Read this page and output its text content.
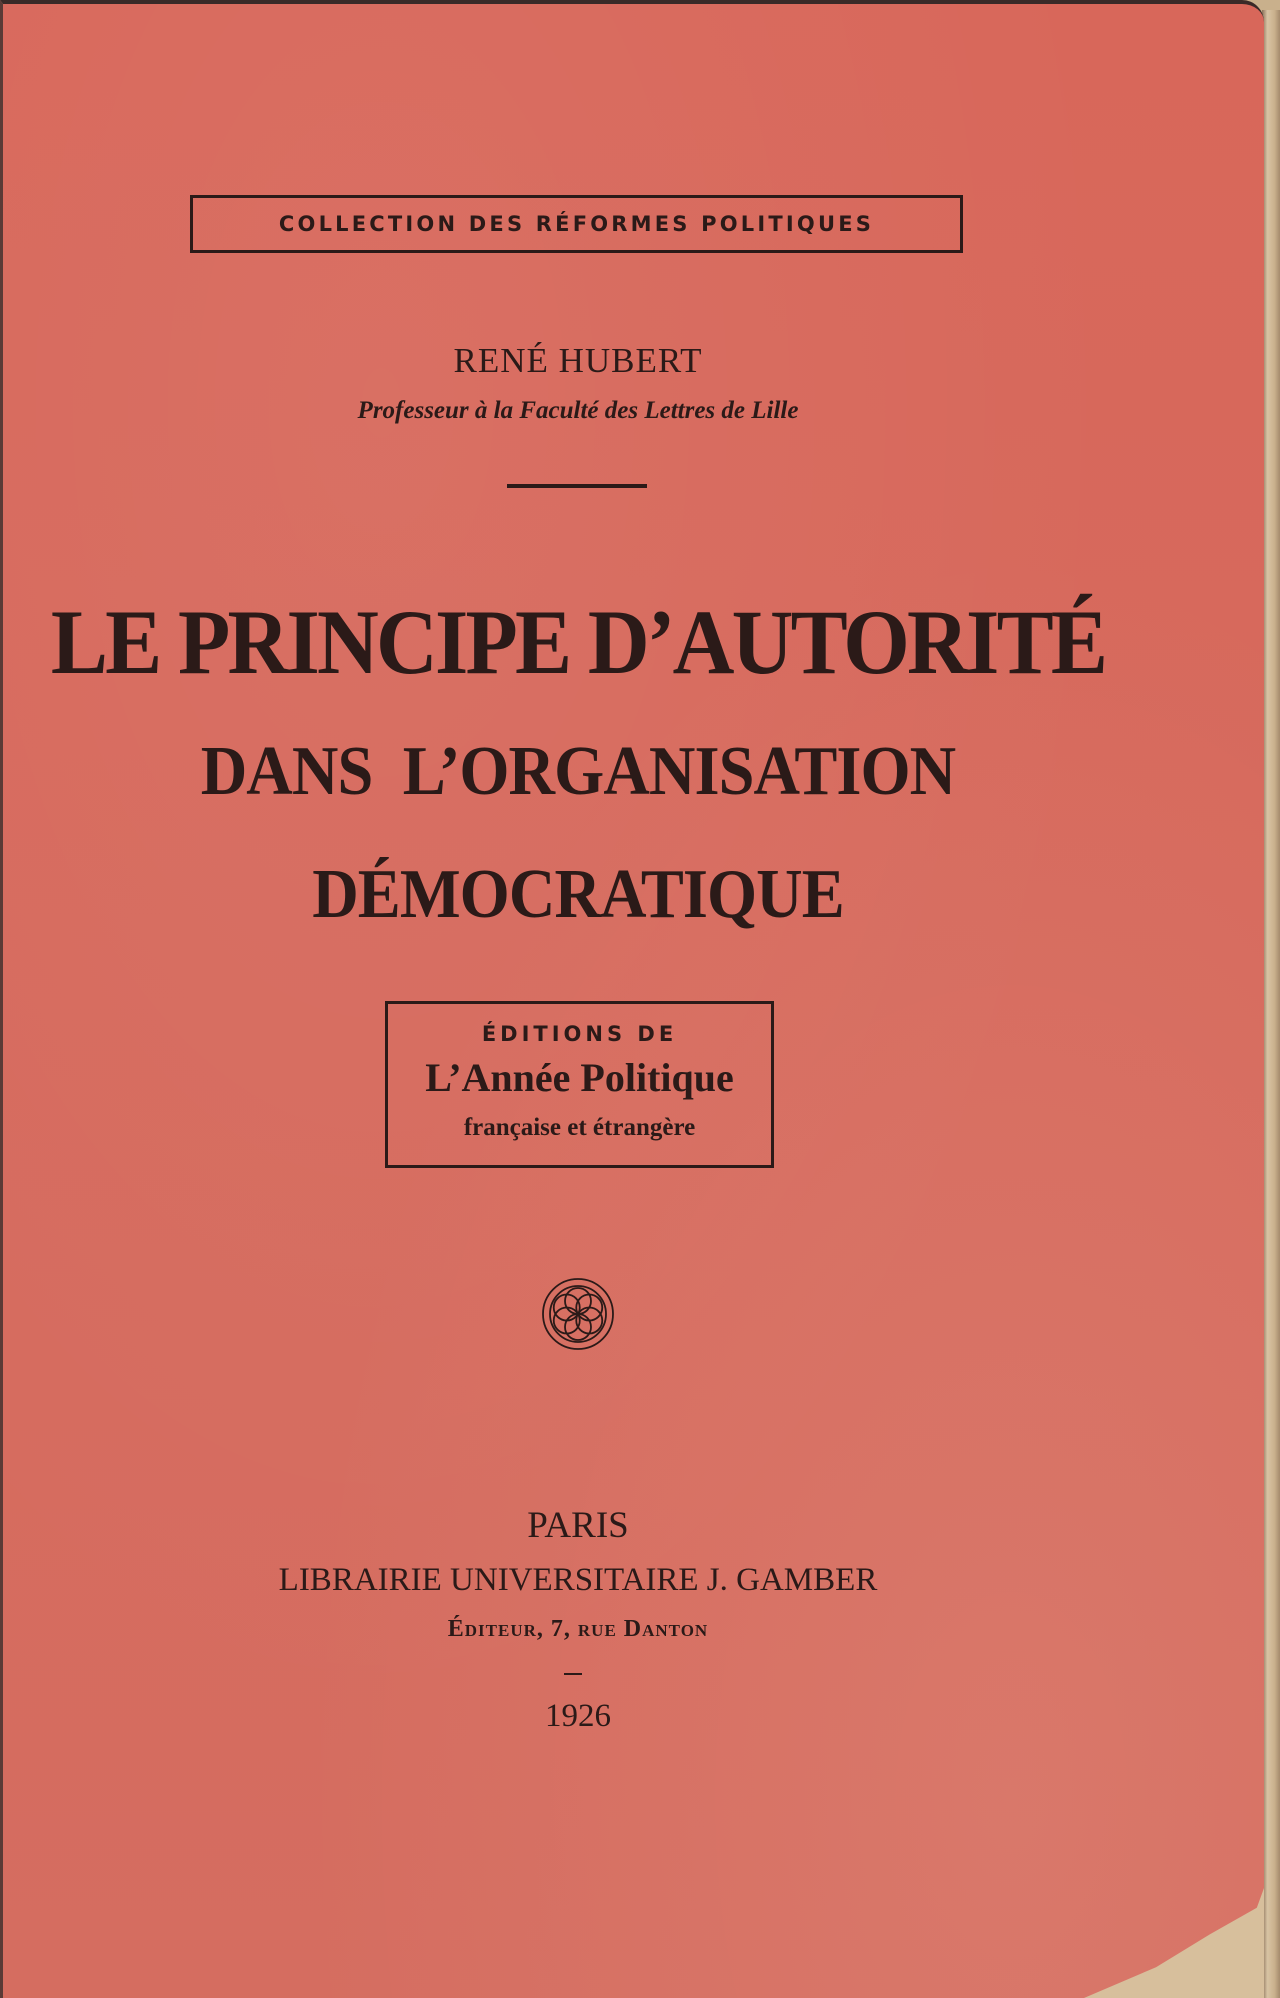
COLLECTION DES RÉFORMES POLITIQUES
RENÉ HUBERT
Professeur à la Faculté des Lettres de Lille
LE PRINCIPE D’AUTORITÉ
DANS  L’ORGANISATION
DÉMOCRATIQUE
ÉDITIONS DE
L’Année Politique
française et étrangère
PARIS
LIBRAIRIE UNIVERSITAIRE J. GAMBER
Éditeur, 7, rue Danton
1926
